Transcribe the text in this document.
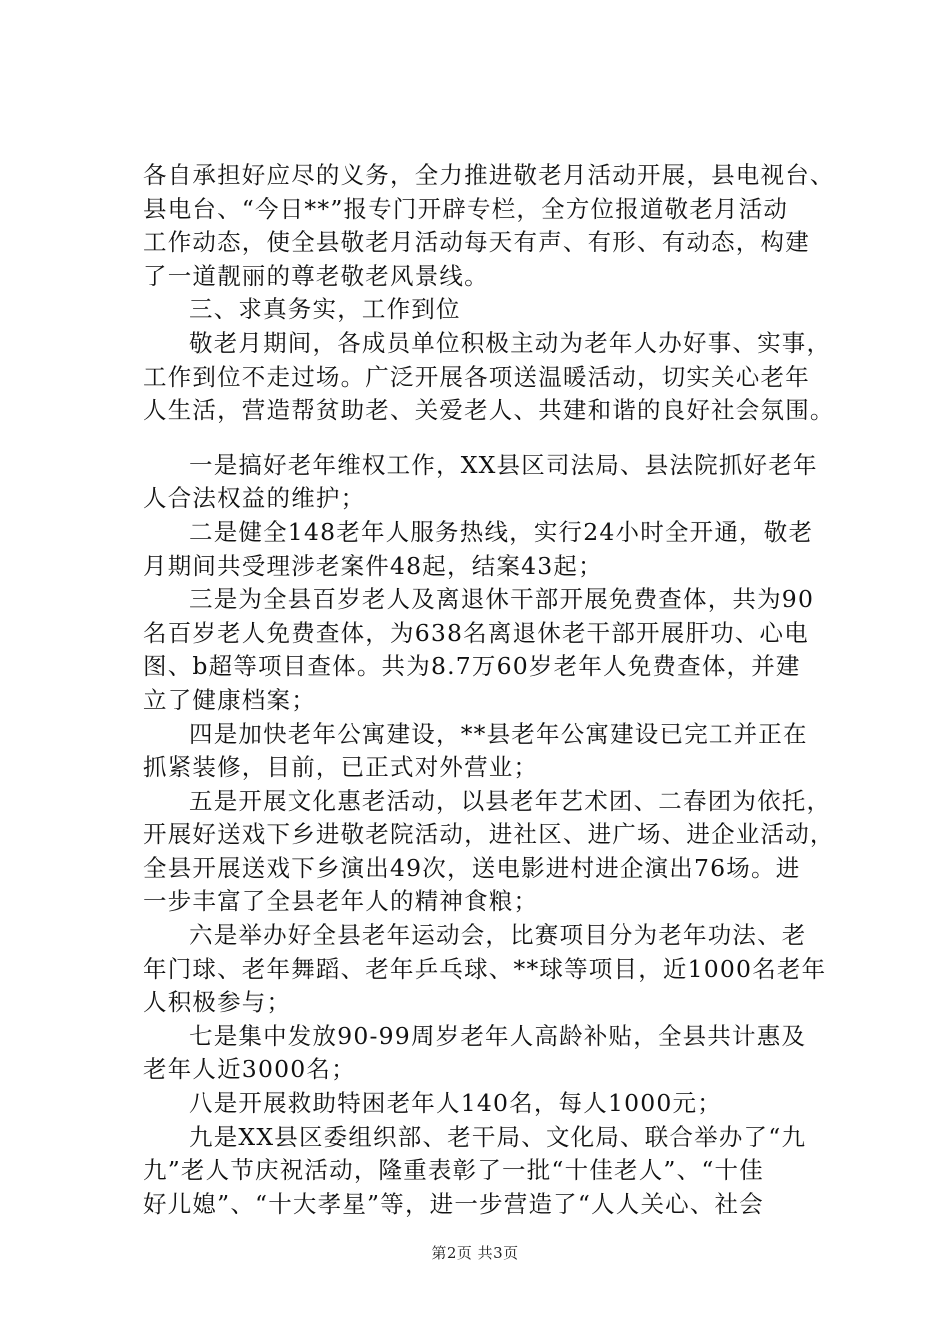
各自承担好应尽的义务，全力推进敬老月活动开展，县电视台、
县电台、“今日**”报专门开辟专栏，全方位报道敬老月活动
工作动态，使全县敬老月活动每天有声、有形、有动态，构建
了一道靓丽的尊老敬老风景线。
三、求真务实，工作到位
敬老月期间，各成员单位积极主动为老年人办好事、实事，
工作到位不走过场。广泛开展各项送温暖活动，切实关心老年
人生活，营造帮贫助老、关爱老人、共建和谐的良好社会氛围。
一是搞好老年维权工作，XX县区司法局、县法院抓好老年
人合法权益的维护；
二是健全148老年人服务热线，实行24小时全开通，敬老
月期间共受理涉老案件48起，结案43起；
三是为全县百岁老人及离退休干部开展免费查体，共为90
名百岁老人免费查体，为638名离退休老干部开展肝功、心电
图、b超等项目查体。共为8.7万60岁老年人免费查体，并建
立了健康档案；
四是加快老年公寓建设，**县老年公寓建设已完工并正在
抓紧装修，目前，已正式对外营业；
五是开展文化惠老活动，以县老年艺术团、二春团为依托，
开展好送戏下乡进敬老院活动，进社区、进广场、进企业活动，
全县开展送戏下乡演出49次，送电影进村进企演出76场。进
一步丰富了全县老年人的精神食粮；
六是举办好全县老年运动会，比赛项目分为老年功法、老
年门球、老年舞蹈、老年乒乓球、**球等项目，近1000名老年
人积极参与；
七是集中发放90-99周岁老年人高龄补贴，全县共计惠及
老年人近3000名；
八是开展救助特困老年人140名，每人1000元；
九是XX县区委组织部、老干局、文化局、联合举办了“九
九”老人节庆祝活动，隆重表彰了一批“十佳老人”、“十佳
好儿媳”、“十大孝星”等，进一步营造了“人人关心、社会
第2页 共3页
